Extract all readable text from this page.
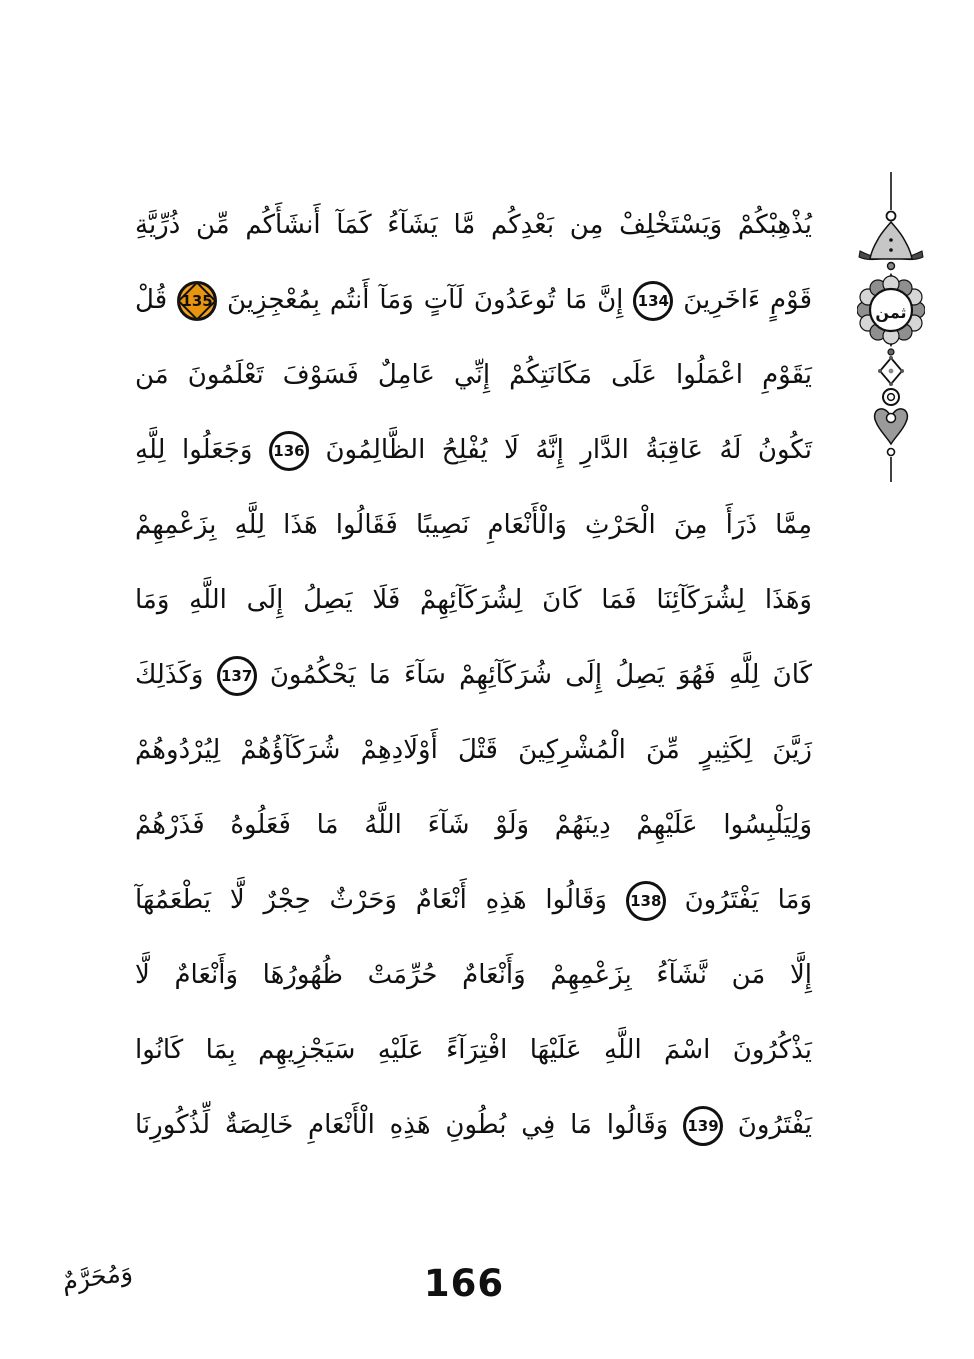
يُذْهِبْكُمْ وَيَسْتَخْلِفْ مِن بَعْدِكُم مَّا يَشَآءُ كَمَآ أَنشَأَكُم مِّن ذُرِّيَّةِ
قَوْمٍ ءَاخَرِينَ 134 إِنَّ مَا تُوعَدُونَ لَآتٍ وَمَآ أَنتُم بِمُعْجِزِينَ 135 قُلْ
يَقَوْمِ اعْمَلُوا عَلَى مَكَانَتِكُمْ إِنِّي عَامِلٌ فَسَوْفَ تَعْلَمُونَ مَن
تَكُونُ لَهُ عَاقِبَةُ الدَّارِ إِنَّهُ لَا يُفْلِحُ الظَّالِمُونَ 136 وَجَعَلُوا لِلَّهِ
مِمَّا ذَرَأَ مِنَ الْحَرْثِ وَالْأَنْعَامِ نَصِيبًا فَقَالُوا هَذَا لِلَّهِ بِزَعْمِهِمْ
وَهَذَا لِشُرَكَآئِنَا فَمَا كَانَ لِشُرَكَآئِهِمْ فَلَا يَصِلُ إِلَى اللَّهِ وَمَا
كَانَ لِلَّهِ فَهُوَ يَصِلُ إِلَى شُرَكَآئِهِمْ سَآءَ مَا يَحْكُمُونَ 137 وَكَذَلِكَ
زَيَّنَ لِكَثِيرٍ مِّنَ الْمُشْرِكِينَ قَتْلَ أَوْلَادِهِمْ شُرَكَآؤُهُمْ لِيُرْدُوهُمْ
وَلِيَلْبِسُوا عَلَيْهِمْ دِينَهُمْ وَلَوْ شَآءَ اللَّهُ مَا فَعَلُوهُ فَذَرْهُمْ
وَمَا يَفْتَرُونَ 138 وَقَالُوا هَذِهِ أَنْعَامٌ وَحَرْثٌ حِجْرٌ لَّا يَطْعَمُهَآ
إِلَّا مَن نَّشَآءُ بِزَعْمِهِمْ وَأَنْعَامٌ حُرِّمَتْ ظُهُورُهَا وَأَنْعَامٌ لَّا
يَذْكُرُونَ اسْمَ اللَّهِ عَلَيْهَا افْتِرَآءً عَلَيْهِ سَيَجْزِيهِم بِمَا كَانُوا
يَفْتَرُونَ 139 وَقَالُوا مَا فِي بُطُونِ هَذِهِ الْأَنْعَامِ خَالِصَةٌ لِّذُكُورِنَا
ثمن
وَمُحَرَّمٌ	166
